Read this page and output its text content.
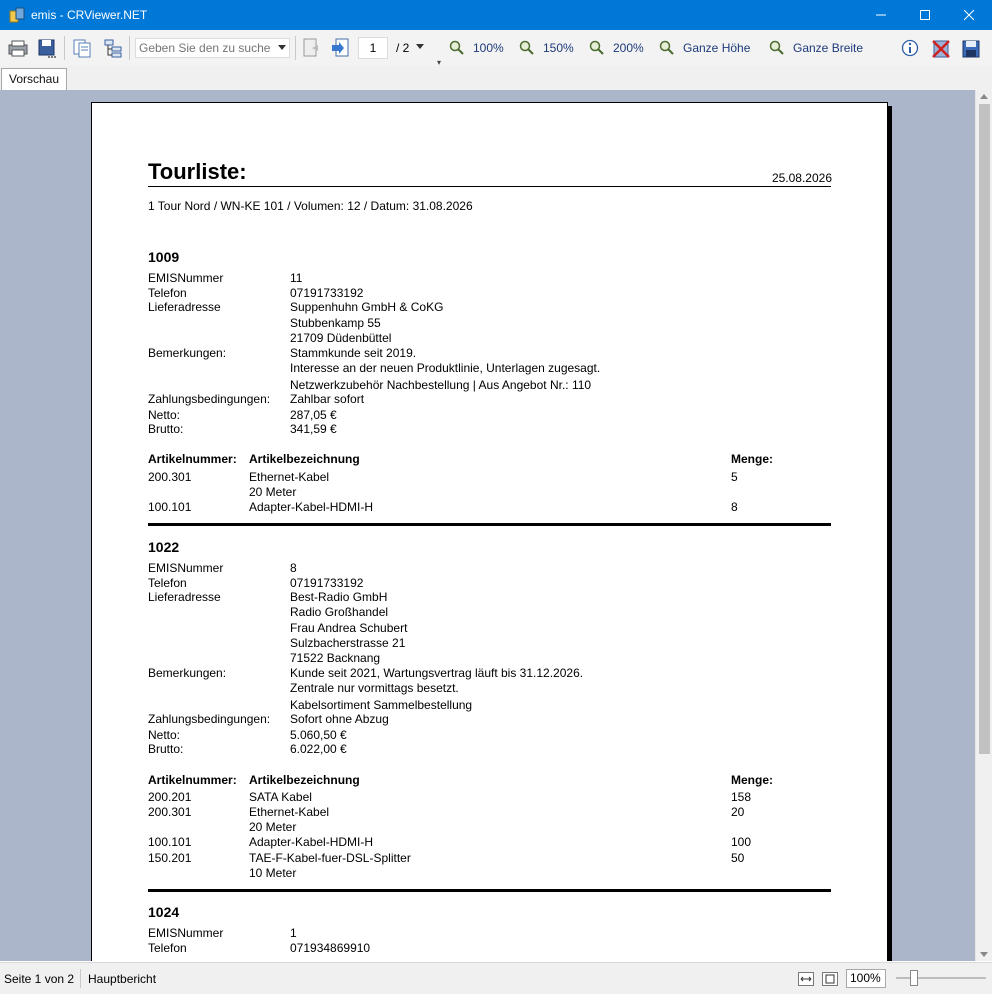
emis - CRViewer.NET
Geben Sie den zu suchen
1	/ 2
▾
100%	150%	200%	Ganze Höhe	Ganze Breite
Vorschau
Tourliste:	25.08.2026
1 Tour Nord / WN-KE 101 / Volumen: 12 / Datum: 31.08.2026
1009
EMISNummer	11
Telefon	07191733192
Lieferadresse	Suppenhuhn GmbH & CoKG
Stubbenkamp 55
21709 Düdenbüttel
Bemerkungen:	Stammkunde seit 2019.
Interesse an der neuen Produktlinie, Unterlagen zugesagt.
Netzwerkzubehör Nachbestellung | Aus Angebot Nr.: 110
Zahlungsbedingungen: Zahlbar sofort
Netto:	287,05 €
Brutto:	341,59 €
Artikelnummer: Artikelbezeichnung	Menge:
200.301	Ethernet-Kabel	5
20 Meter
100.101	Adapter-Kabel-HDMI-H	8
1022
EMISNummer	8
Telefon	07191733192
Lieferadresse	Best-Radio GmbH
Radio Großhandel
Frau Andrea Schubert
Sulzbacherstrasse 21
71522 Backnang
Bemerkungen:	Kunde seit 2021, Wartungsvertrag läuft bis 31.12.2026.
Zentrale nur vormittags besetzt.
Kabelsortiment Sammelbestellung
Zahlungsbedingungen: Sofort ohne Abzug
Netto:	5.060,50 €
Brutto:	6.022,00 €
Artikelnummer: Artikelbezeichnung	Menge:
200.201	SATA Kabel	158
200.301	Ethernet-Kabel	20
20 Meter
100.101	Adapter-Kabel-HDMI-H	100
150.201	TAE-F-Kabel-fuer-DSL-Splitter	50
10 Meter
1024
EMISNummer	1
Telefon	071934869910
Seite 1 von 2 Hauptbericht	100%
